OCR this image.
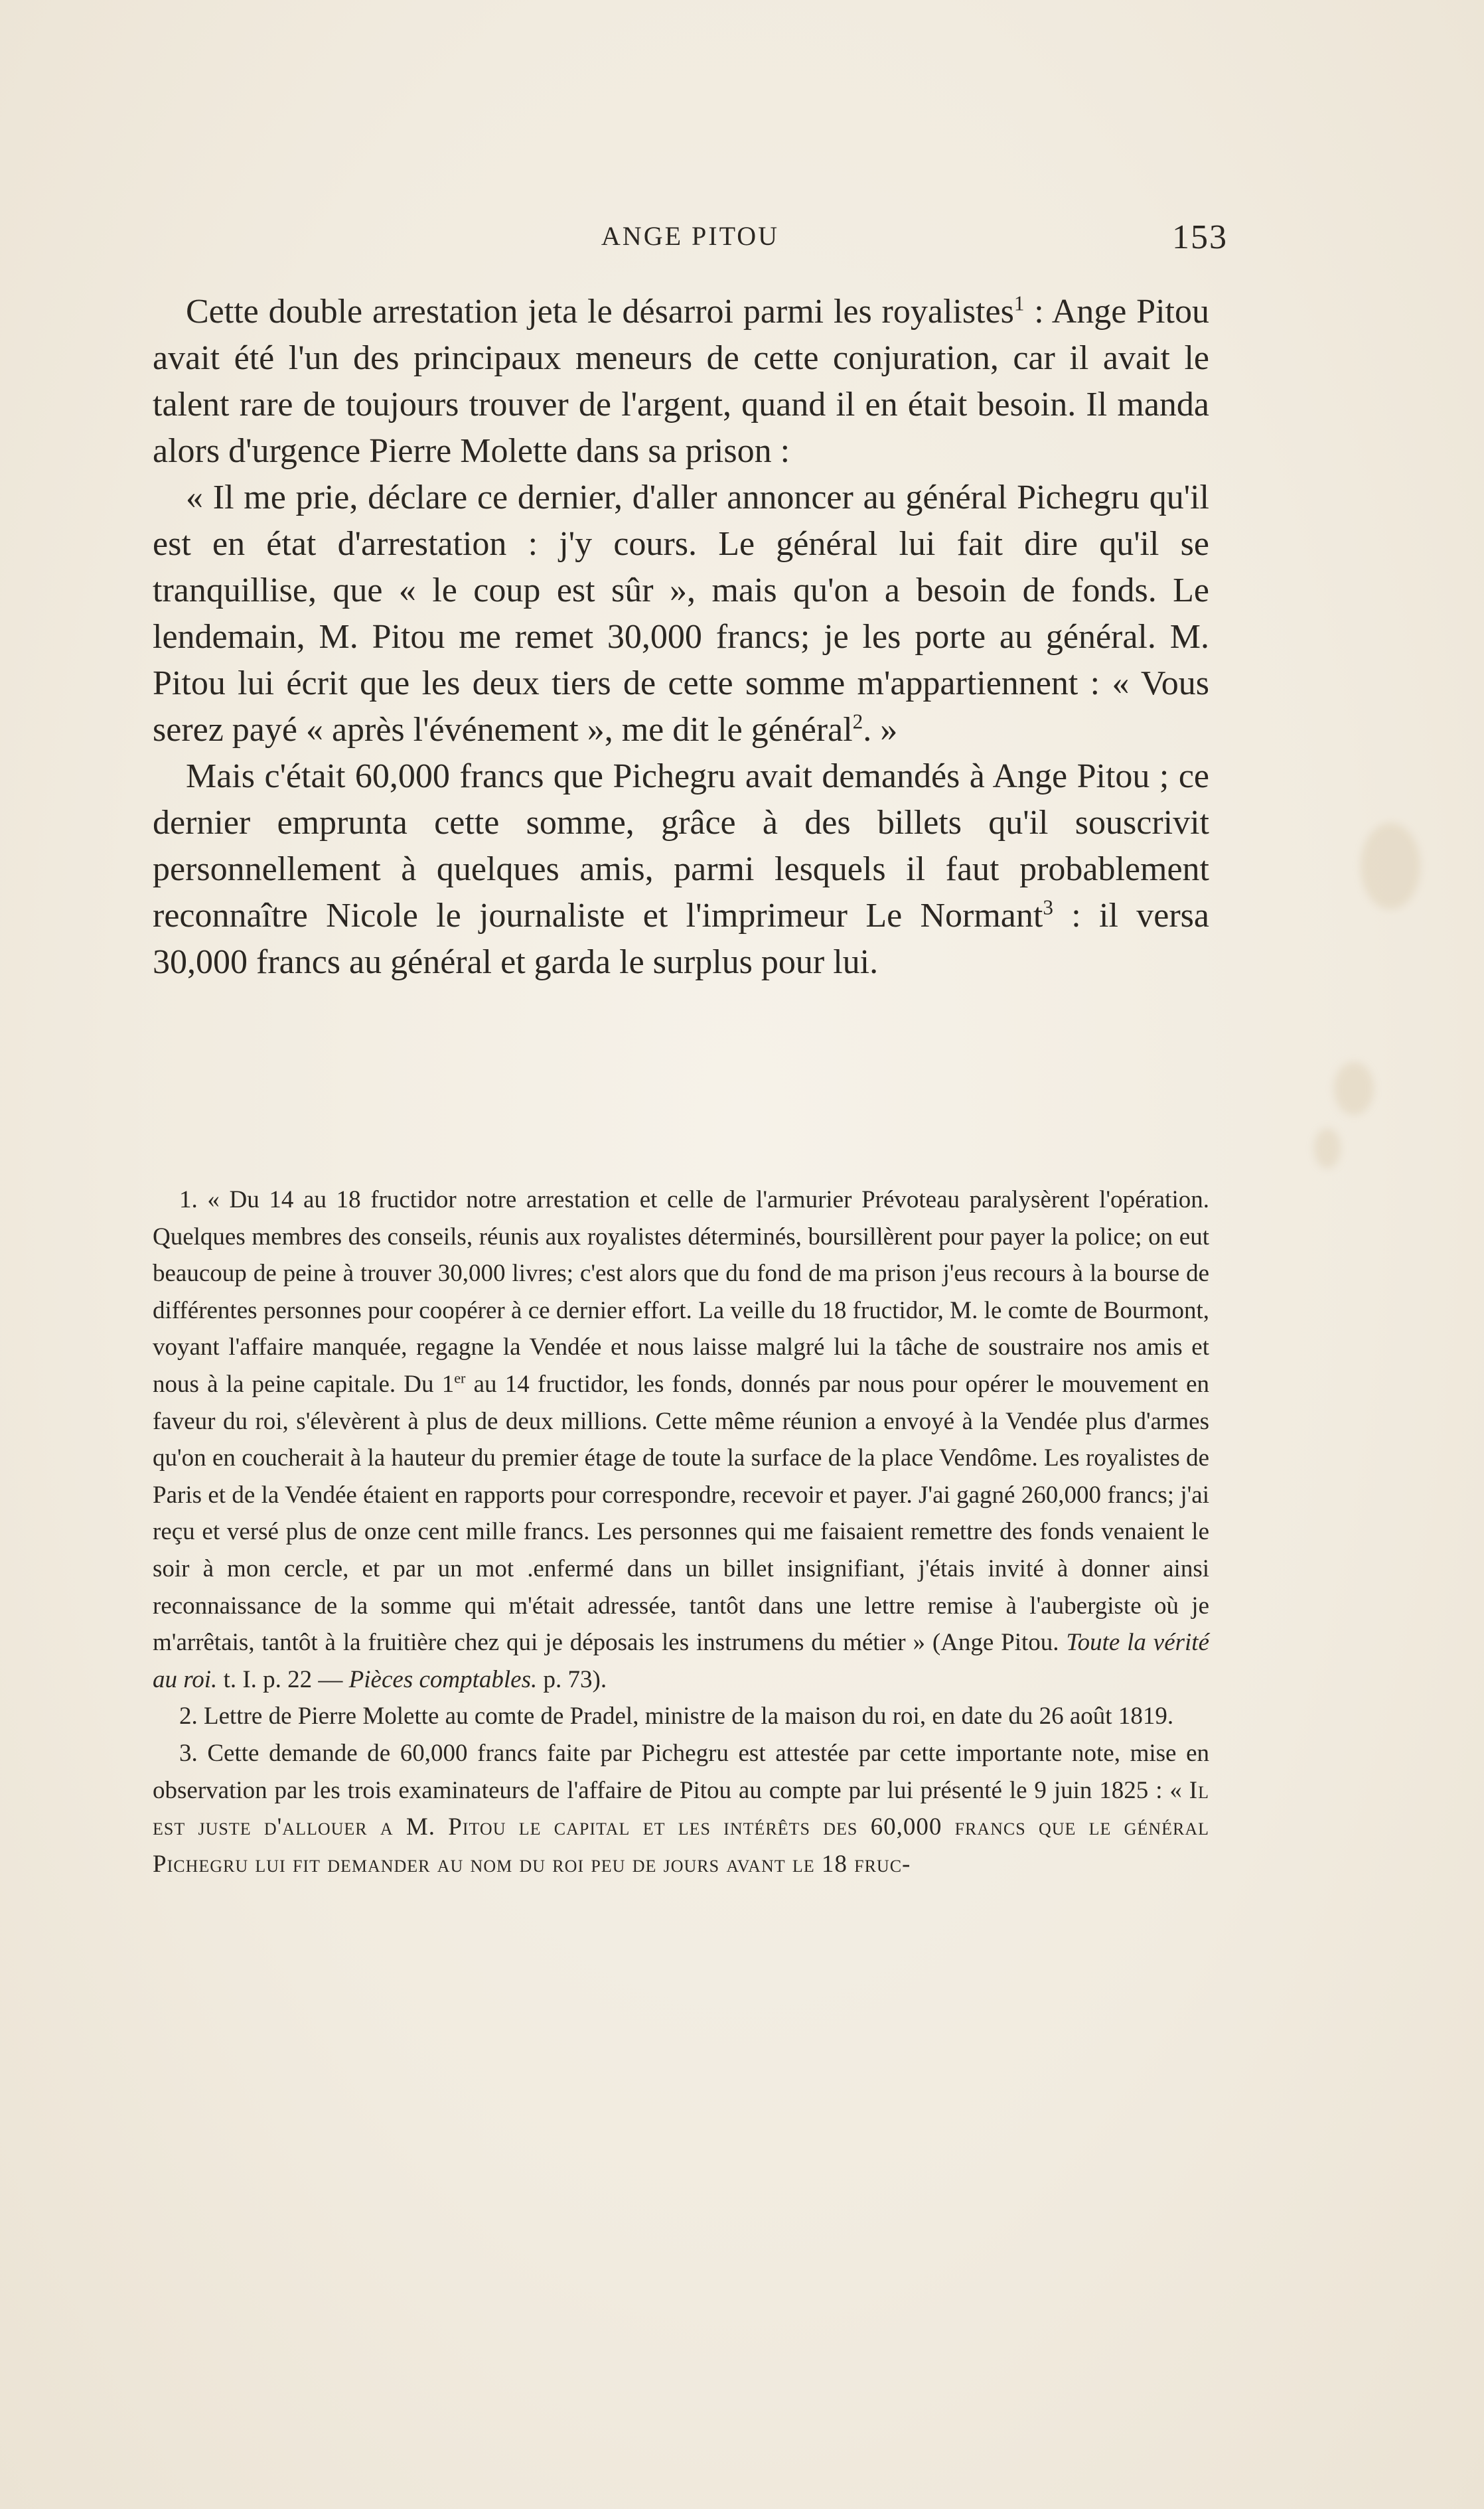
ANGE PITOU	153

Cette double arrestation jeta le désarroi parmi les royalistes$^1$ : Ange Pitou avait été l'un des principaux meneurs de cette conjuration, car il avait le talent rare de toujours trouver de l'argent, quand il en était besoin. Il manda alors d'urgence Pierre Molette dans sa prison :

« Il me prie, déclare ce dernier, d'aller annoncer au général Pichegru qu'il est en état d'arrestation : j'y cours. Le général lui fait dire qu'il se tranquillise, que « le coup est sûr », mais qu'on a besoin de fonds. Le lendemain, M. Pitou me remet 30,000 francs; je les porte au général. M. Pitou lui écrit que les deux tiers de cette somme m'appartiennent : « Vous serez payé « après l'événement », me dit le général$^2$. »

Mais c'était 60,000 francs que Pichegru avait demandés à Ange Pitou ; ce dernier emprunta cette somme, grâce à des billets qu'il souscrivit personnellement à quelques amis, parmi lesquels il faut probablement reconnaître Nicole le journaliste et l'imprimeur Le Normant$^3$ : il versa 30,000 francs au général et garda le surplus pour lui.

1. « Du 14 au 18 fructidor notre arrestation et celle de l'armurier Prévoteau paralysèrent l'opération. Quelques membres des conseils, réunis aux royalistes déterminés, boursillèrent pour payer la police; on eut beaucoup de peine à trouver 30,000 livres; c'est alors que du fond de ma prison j'eus recours à la bourse de différentes personnes pour coopérer à ce dernier effort. La veille du 18 fructidor, M. le comte de Bourmont, voyant l'affaire manquée, regagne la Vendée et nous laisse malgré lui la tâche de soustraire nos amis et nous à la peine capitale. Du 1er au 14 fructidor, les fonds, donnés par nous pour opérer le mouvement en faveur du roi, s'élevèrent à plus de deux millions. Cette même réunion a envoyé à la Vendée plus d'armes qu'on en coucherait à la hauteur du premier étage de toute la surface de la place Vendôme. Les royalistes de Paris et de la Vendée étaient en rapports pour correspondre, recevoir et payer. J'ai gagné 260,000 francs; j'ai reçu et versé plus de onze cent mille francs. Les personnes qui me faisaient remettre des fonds venaient le soir à mon cercle, et par un mot .enfermé dans un billet insignifiant, j'étais invité à donner ainsi reconnaissance de la somme qui m'était adressée, tantôt dans une lettre remise à l'aubergiste où je m'arrêtais, tantôt à la fruitière chez qui je déposais les instrumens du métier » (Ange Pitou. Toute la vérité au roi. t. I. p. 22 — Pièces comptables. p. 73).

2. Lettre de Pierre Molette au comte de Pradel, ministre de la maison du roi, en date du 26 août 1819.

3. Cette demande de 60,000 francs faite par Pichegru est attestée par cette importante note, mise en observation par les trois examinateurs de l'affaire de Pitou au compte par lui présenté le 9 juin 1825 : « Il est juste d'allouer a M. Pitou le capital et les intérêts des 60,000 francs que le général Pichegru lui fit demander au nom du roi peu de jours avant le 18 fruc-
